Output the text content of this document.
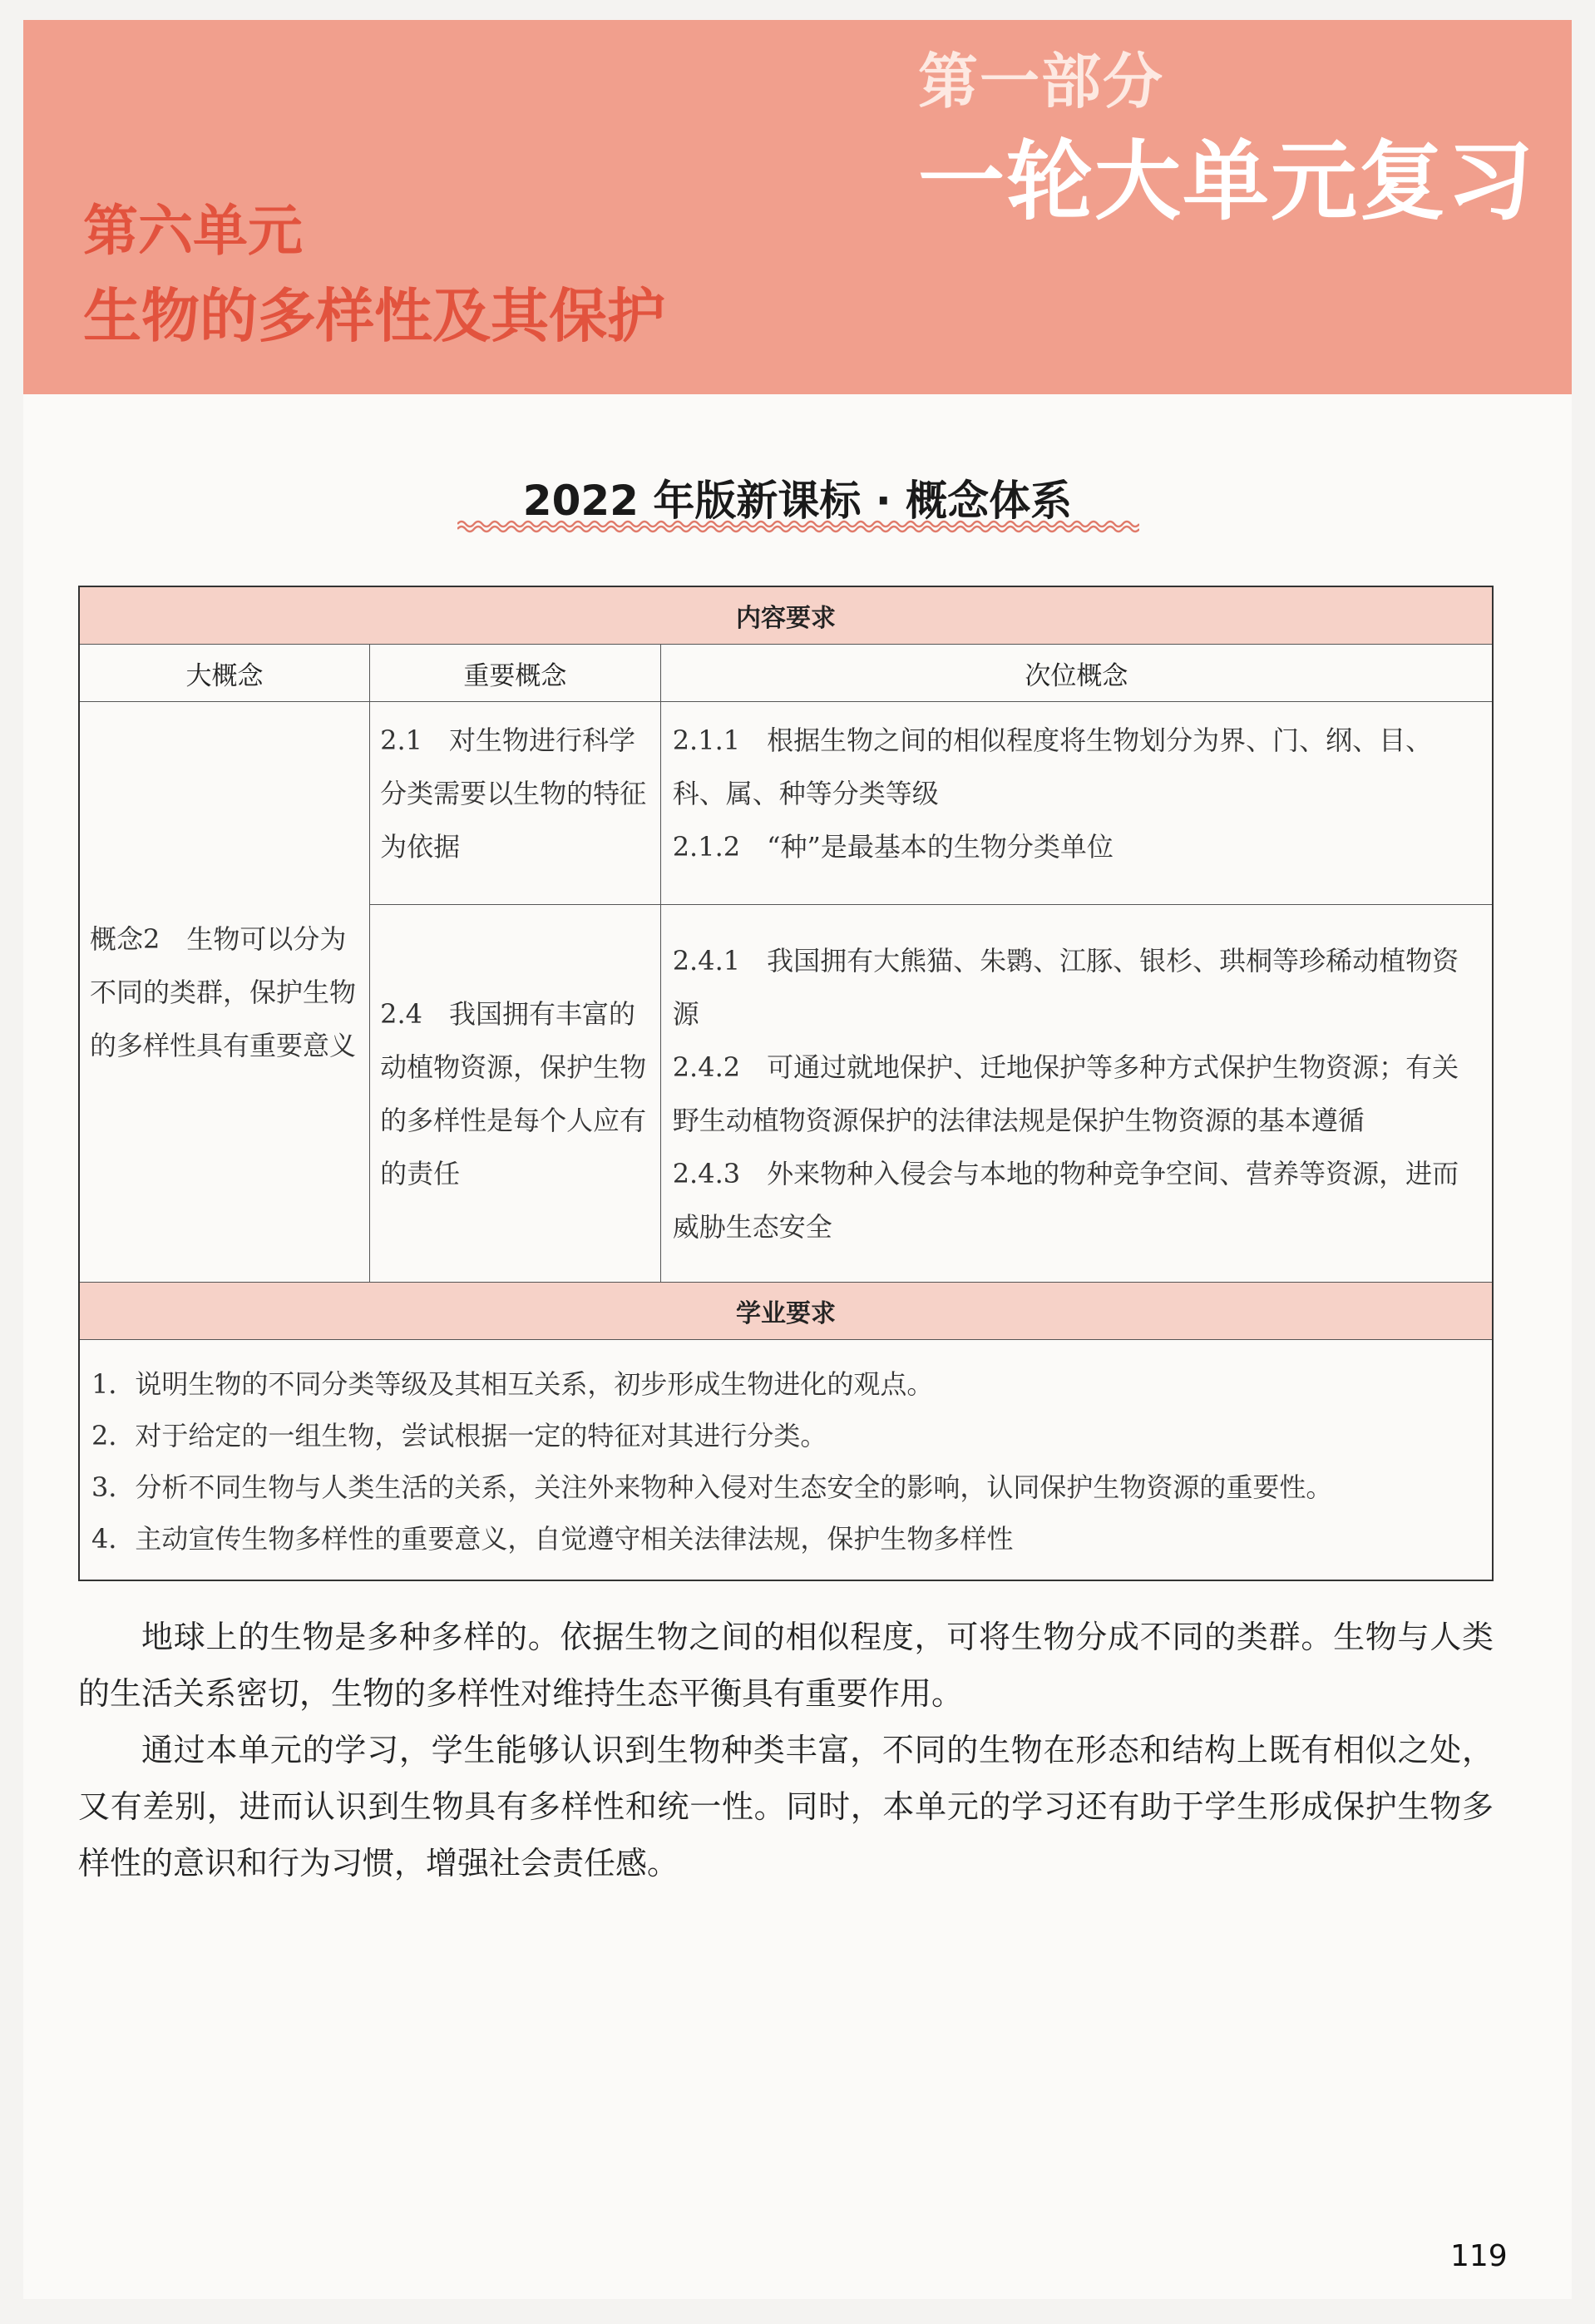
第一部分
一轮大单元复习
第六单元
生物的多样性及其保护
2022 年版新课标 · 概念体系
内容要求		
大概念	重要概念	次位概念
概念2　生物可以分为不同的类群，保护生物的多样性具有重要意义	2.1　对生物进行科学分类需要以生物的特征为依据	2.1.1　根据生物之间的相似程度将生物划分为界、门、纲、目、科、属、种等分类等级
2.1.2　“种”是最基本的生物分类单位

	2.4　我国拥有丰富的动植物资源，保护生物的多样性是每个人应有的责任	2.4.1　我国拥有大熊猫、朱鹮、江豚、银杉、珙桐等珍稀动植物资源
2.4.2　可通过就地保护、迁地保护等多种方式保护生物资源；有关野生动植物资源保护的法律法规是保护生物资源的基本遵循
2.4.3　外来物种入侵会与本地的物种竞争空间、营养等资源，进而威胁生态安全

学业要求		

1．说明生物的不同分类等级及其相互关系，初步形成生物进化的观点。
2．对于给定的一组生物，尝试根据一定的特征对其进行分类。
3．分析不同生物与人类生活的关系，关注外来物种入侵对生态安全的影响，认同保护生物资源的重要性。
4．主动宣传生物多样性的重要意义，自觉遵守相关法律法规，保护生物多样性		

地球上的生物是多种多样的。依据生物之间的相似程度，可将生物分成不同的类群。生物与人类的生活关系密切，生物的多样性对维持生态平衡具有重要作用。

通过本单元的学习，学生能够认识到生物种类丰富，不同的生物在形态和结构上既有相似之处，又有差别，进而认识到生物具有多样性和统一性。同时，本单元的学习还有助于学生形成保护生物多样性的意识和行为习惯，增强社会责任感。

119
